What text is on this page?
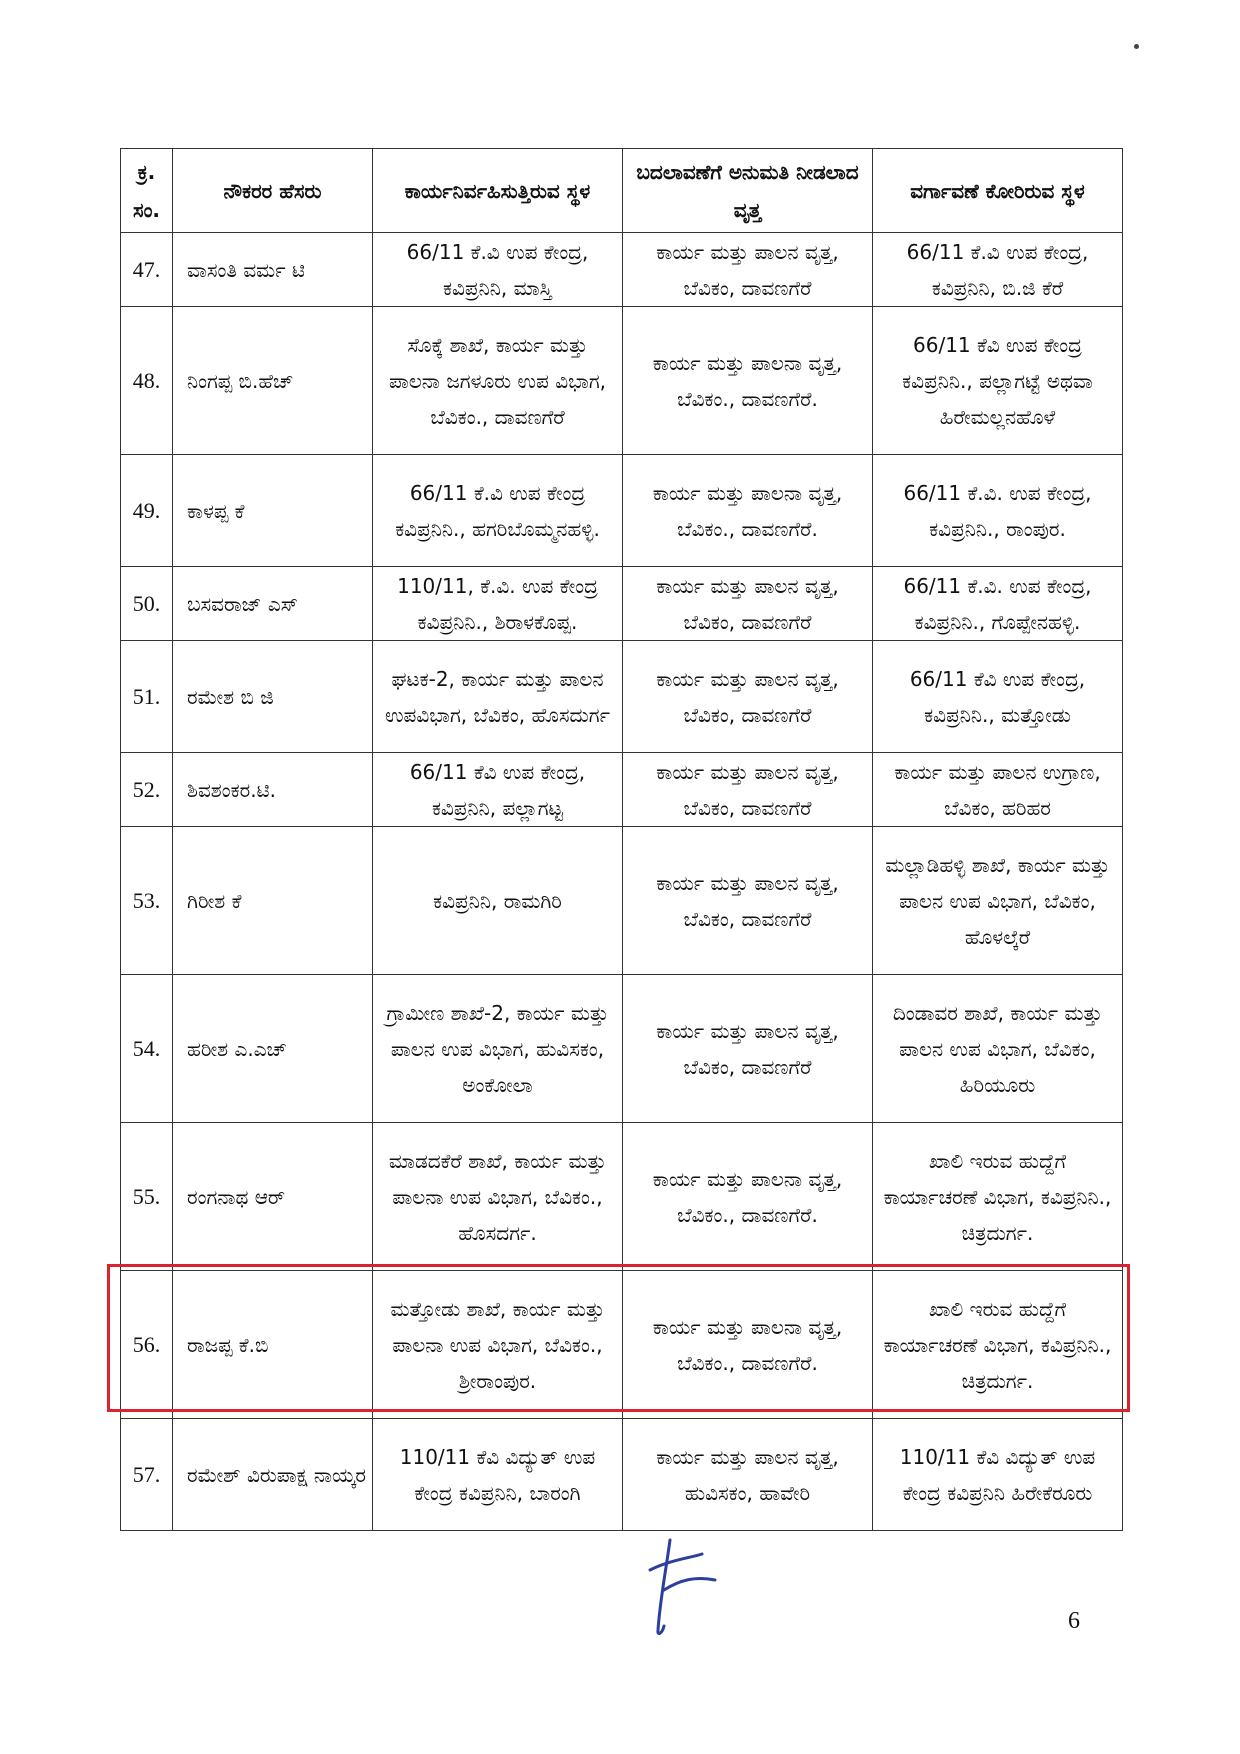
ಕ್ರ. ಸಂ.	ನೌಕರರ ಹೆಸರು	ಕಾರ್ಯನಿರ್ವಹಿಸುತ್ತಿರುವ ಸ್ಥಳ	ಬದಲಾವಣೆಗೆ ಅನುಮತಿ ನೀಡಲಾದ ವೃತ್ತ	ವರ್ಗಾವಣೆ ಕೋರಿರುವ ಸ್ಥಳ
47.	ವಾಸಂತಿ ವರ್ಮ ಟಿ	66/11 ಕೆ.ವಿ ಉಪ ಕೇಂದ್ರ, ಕವಿಪ್ರನಿನಿ, ಮಾಸ್ತಿ	ಕಾರ್ಯ ಮತ್ತು ಪಾಲನ ವೃತ್ತ, ಬೆವಿಕಂ, ದಾವಣಗೆರೆ	66/11 ಕೆ.ವಿ ಉಪ ಕೇಂದ್ರ, ಕವಿಪ್ರನಿನಿ, ಬಿ.ಜಿ ಕೆರೆ
48.	ನಿಂಗಪ್ಪ ಬಿ.ಹೆಚ್	ಸೊಕ್ಕೆ ಶಾಖೆ, ಕಾರ್ಯ ಮತ್ತು ಪಾಲನಾ ಜಗಳೂರು ಉಪ ವಿಭಾಗ, ಬೆವಿಕಂ., ದಾವಣಗೆರೆ	ಕಾರ್ಯ ಮತ್ತು ಪಾಲನಾ ವೃತ್ತ, ಬೆವಿಕಂ., ದಾವಣಗೆರೆ.	66/11 ಕೆವಿ ಉಪ ಕೇಂದ್ರ ಕವಿಪ್ರನಿನಿ., ಪಲ್ಲಾಗಟ್ಟೆ ಅಥವಾ ಹಿರೇಮಲ್ಲನಹೊಳೆ
49.	ಕಾಳಪ್ಪ ಕೆ	66/11 ಕೆ.ವಿ ಉಪ ಕೇಂದ್ರ ಕವಿಪ್ರನಿನಿ., ಹಗರಿಬೊಮ್ಮನಹಳ್ಳಿ.	ಕಾರ್ಯ ಮತ್ತು ಪಾಲನಾ ವೃತ್ತ, ಬೆವಿಕಂ., ದಾವಣಗೆರೆ.	66/11 ಕೆ.ವಿ. ಉಪ ಕೇಂದ್ರ, ಕವಿಪ್ರನಿನಿ., ರಾಂಪುರ.
50.	ಬಸವರಾಜ್ ಎಸ್	110/11, ಕೆ.ವಿ. ಉಪ ಕೇಂದ್ರ ಕವಿಪ್ರನಿನಿ., ಶಿರಾಳಕೊಪ್ಪ.	ಕಾರ್ಯ ಮತ್ತು ಪಾಲನ ವೃತ್ತ, ಬೆವಿಕಂ, ದಾವಣಗೆರೆ	66/11 ಕೆ.ವಿ. ಉಪ ಕೇಂದ್ರ, ಕವಿಪ್ರನಿನಿ., ಗೊಪ್ಪೇನಹಳ್ಳಿ.
51.	ರಮೇಶ ಬಿ ಜಿ	ಘಟಕ-2, ಕಾರ್ಯ ಮತ್ತು ಪಾಲನ ಉಪವಿಭಾಗ, ಬೆವಿಕಂ, ಹೊಸದುರ್ಗ	ಕಾರ್ಯ ಮತ್ತು ಪಾಲನ ವೃತ್ತ, ಬೆವಿಕಂ, ದಾವಣಗೆರೆ	66/11 ಕೆವಿ ಉಪ ಕೇಂದ್ರ, ಕವಿಪ್ರನಿನಿ., ಮತ್ತೋಡು
52.	ಶಿವಶಂಕರ.ಟಿ.	66/11 ಕೆವಿ ಉಪ ಕೇಂದ್ರ, ಕವಿಪ್ರನಿನಿ, ಪಲ್ಲಾಗಟ್ಟ	ಕಾರ್ಯ ಮತ್ತು ಪಾಲನ ವೃತ್ತ, ಬೆವಿಕಂ, ದಾವಣಗೆರೆ	ಕಾರ್ಯ ಮತ್ತು ಪಾಲನ ಉಗ್ರಾಣ, ಬೆವಿಕಂ, ಹರಿಹರ
53.	ಗಿರೀಶ ಕೆ	ಕವಿಪ್ರನಿನಿ, ರಾಮಗಿರಿ	ಕಾರ್ಯ ಮತ್ತು ಪಾಲನ ವೃತ್ತ, ಬೆವಿಕಂ, ದಾವಣಗೆರೆ	ಮಲ್ಲಾಡಿಹಳ್ಳಿ ಶಾಖೆ, ಕಾರ್ಯ ಮತ್ತು ಪಾಲನ ಉಪ ವಿಭಾಗ, ಬೆವಿಕಂ, ಹೊಳಲ್ಕೆರೆ
54.	ಹರೀಶ ಎ.ಎಚ್	ಗ್ರಾಮೀಣ ಶಾಖೆ-2, ಕಾರ್ಯ ಮತ್ತು ಪಾಲನ ಉಪ ವಿಭಾಗ, ಹುವಿಸಕಂ, ಅಂಕೋಲಾ	ಕಾರ್ಯ ಮತ್ತು ಪಾಲನ ವೃತ್ತ, ಬೆವಿಕಂ, ದಾವಣಗೆರೆ	ದಿಂಡಾವರ ಶಾಖೆ, ಕಾರ್ಯ ಮತ್ತು ಪಾಲನ ಉಪ ವಿಭಾಗ, ಬೆವಿಕಂ, ಹಿರಿಯೂರು
55.	ರಂಗನಾಥ ಆರ್	ಮಾಡದಕೆರೆ ಶಾಖೆ, ಕಾರ್ಯ ಮತ್ತು ಪಾಲನಾ ಉಪ ವಿಭಾಗ, ಬೆವಿಕಂ., ಹೊಸದರ್ಗ.	ಕಾರ್ಯ ಮತ್ತು ಪಾಲನಾ ವೃತ್ತ, ಬೆವಿಕಂ., ದಾವಣಗೆರೆ.	ಖಾಲಿ ಇರುವ ಹುದ್ದೆಗೆ ಕಾರ್ಯಾಚರಣೆ ವಿಭಾಗ, ಕವಿಪ್ರನಿನಿ., ಚಿತ್ರದುರ್ಗ.
56.	ರಾಜಪ್ಪ ಕೆ.ಬಿ	ಮತ್ತೋಡು ಶಾಖೆ, ಕಾರ್ಯ ಮತ್ತು ಪಾಲನಾ ಉಪ ವಿಭಾಗ, ಬೆವಿಕಂ., ಶ್ರೀರಾಂಪುರ.	ಕಾರ್ಯ ಮತ್ತು ಪಾಲನಾ ವೃತ್ತ, ಬೆವಿಕಂ., ದಾವಣಗೆರೆ.	ಖಾಲಿ ಇರುವ ಹುದ್ದೆಗೆ ಕಾರ್ಯಾಚರಣೆ ವಿಭಾಗ, ಕವಿಪ್ರನಿನಿ., ಚಿತ್ರದುರ್ಗ.
57.	ರಮೇಶ್ ವಿರುಪಾಕ್ಷ ನಾಯ್ಕರ	110/11 ಕೆವಿ ವಿದ್ಯುತ್ ಉಪ ಕೇಂದ್ರ ಕವಿಪ್ರನಿನಿ, ಬಾರಂಗಿ	ಕಾರ್ಯ ಮತ್ತು ಪಾಲನ ವೃತ್ತ, ಹುವಿಸಕಂ, ಹಾವೇರಿ	110/11 ಕೆವಿ ವಿದ್ಯುತ್ ಉಪ ಕೇಂದ್ರ ಕವಿಪ್ರನಿನಿ ಹಿರೇಕೆರೂರು
6
